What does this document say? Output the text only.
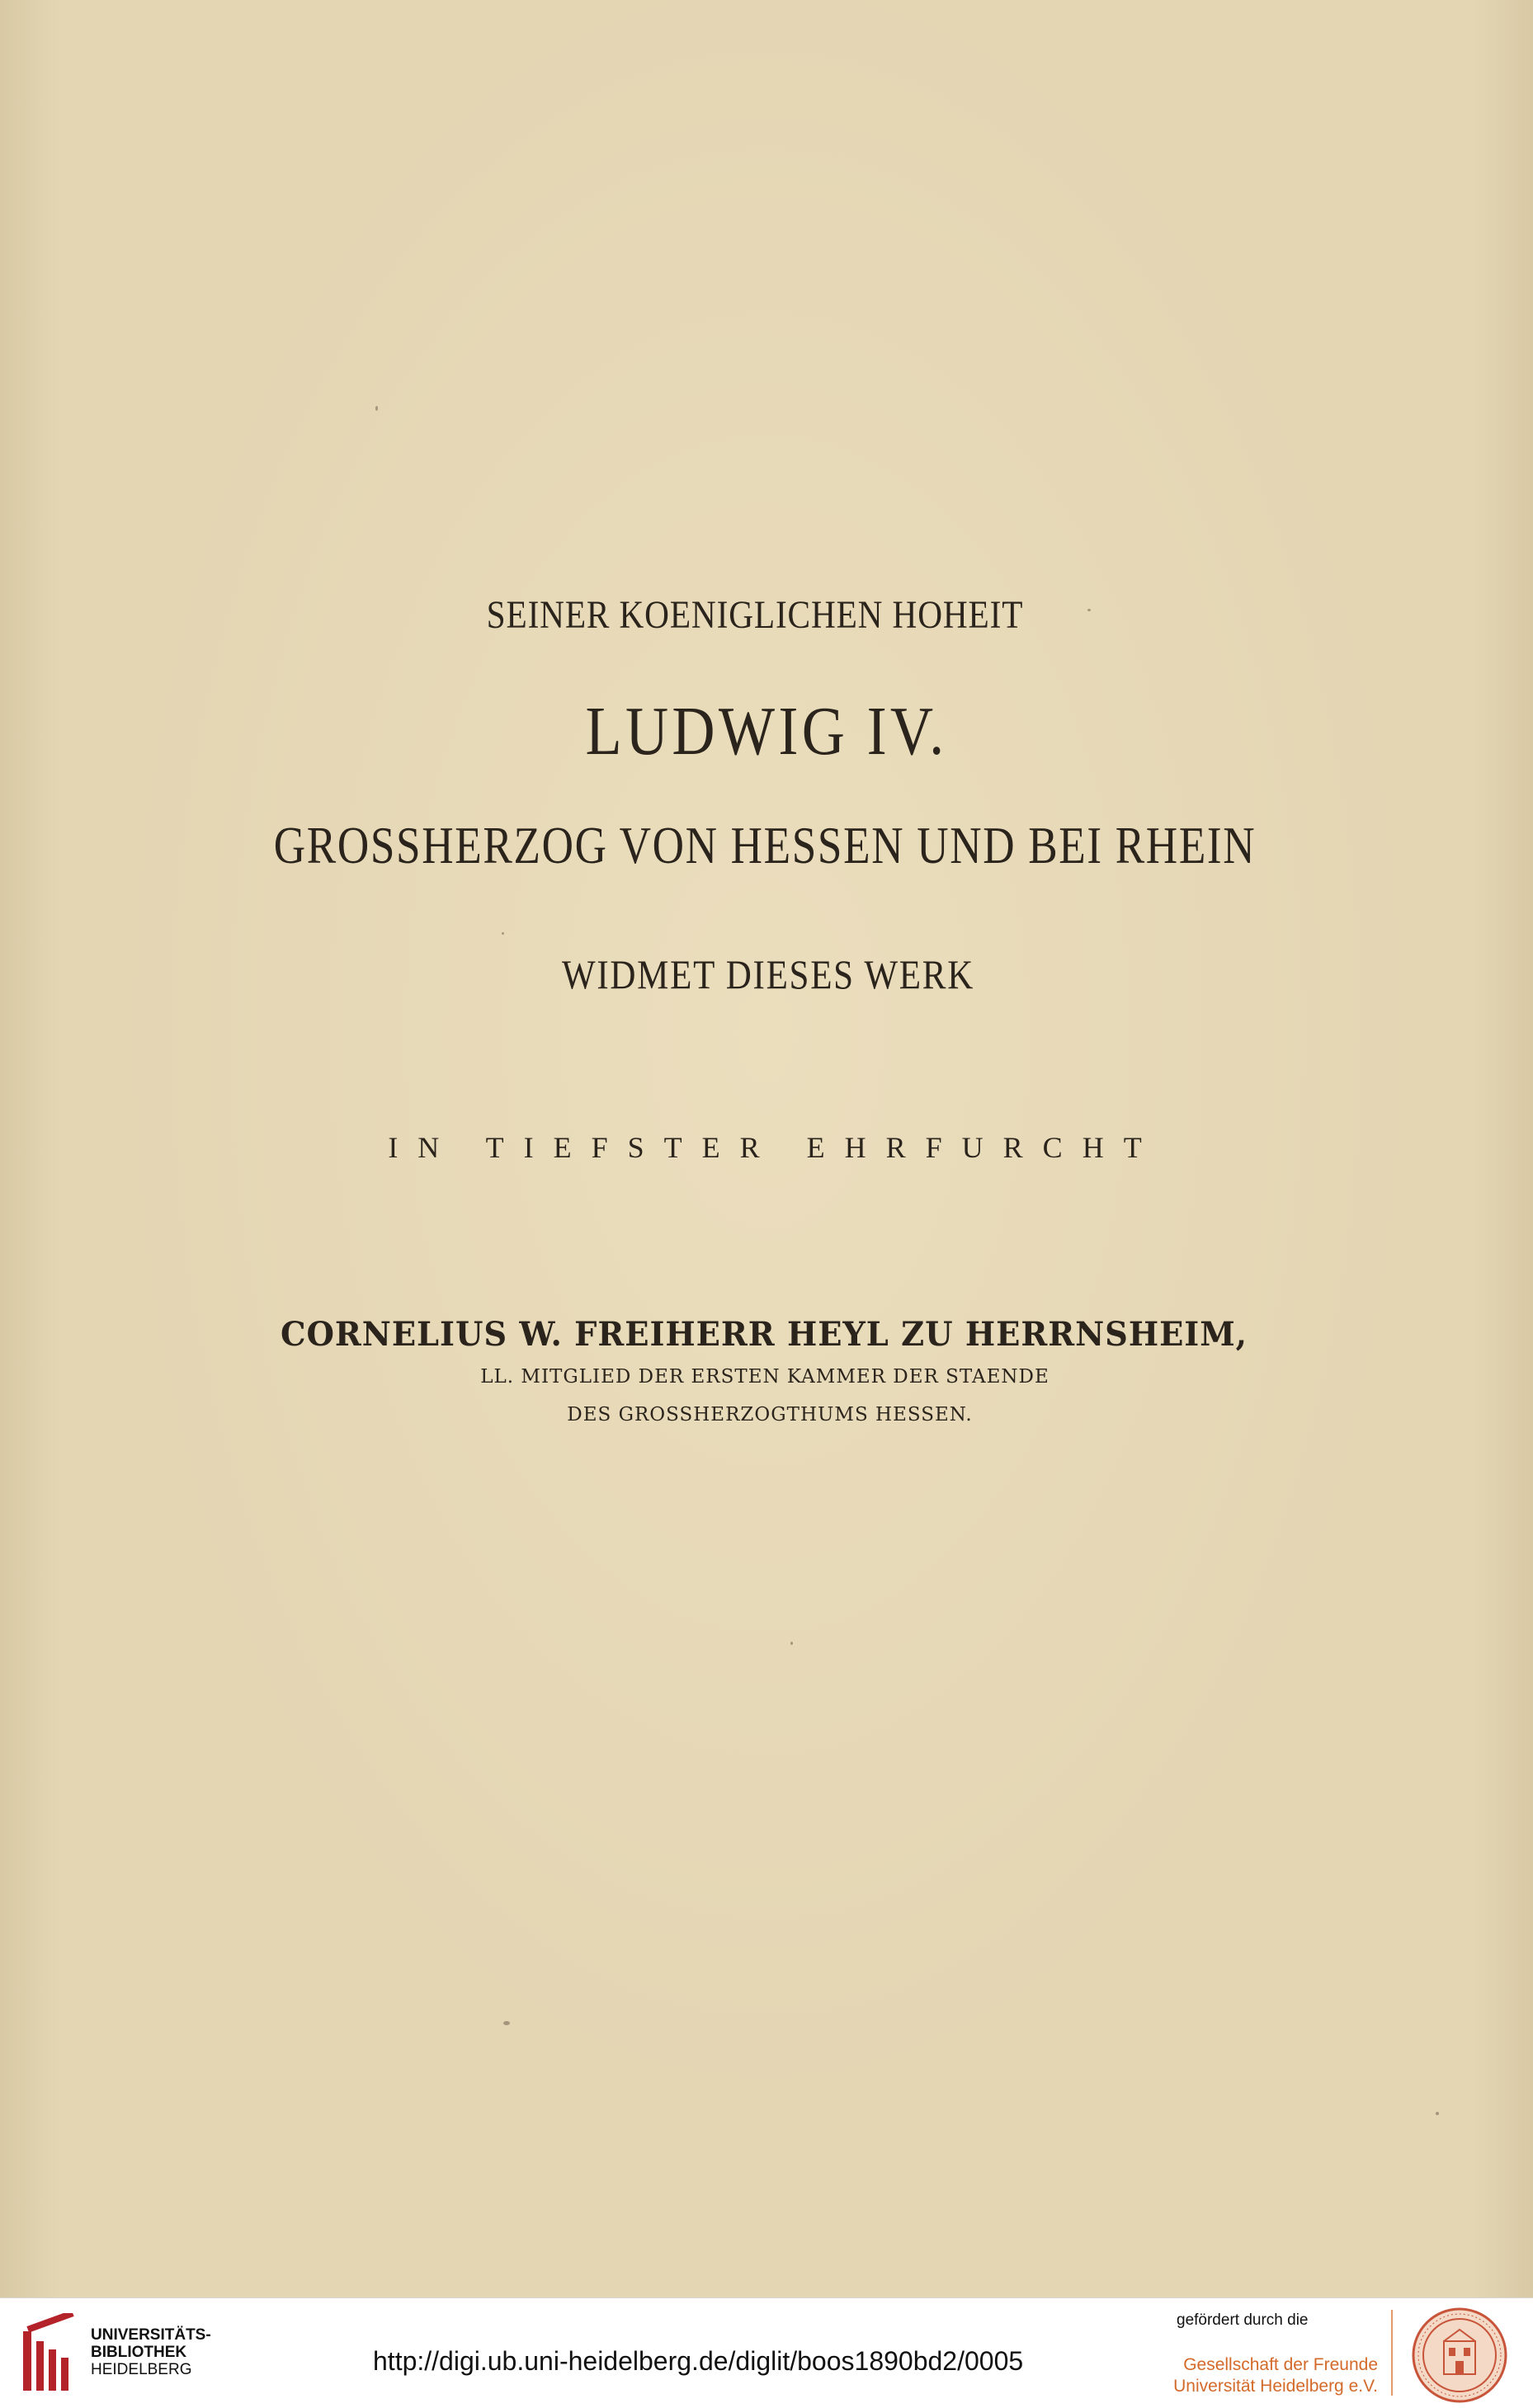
SEINER KOENIGLICHEN HOHEIT
LUDWIG IV.
GROSSHERZOG VON HESSEN UND BEI RHEIN
WIDMET DIESES WERK
IN TIEFSTER EHRFURCHT
CORNELIUS W. FREIHERR HEYL ZU HERRNSHEIM,
LL. MITGLIED DER ERSTEN KAMMER DER STAENDE
DES GROSSHERZOGTHUMS HESSEN.
UNIVERSITÄTS-
BIBLIOTHEK
HEIDELBERG	http://digi.ub.uni-heidelberg.de/diglit/boos1890bd2/0005
gefördert durch die
Gesellschaft der Freunde
Universität Heidelberg e.V.
